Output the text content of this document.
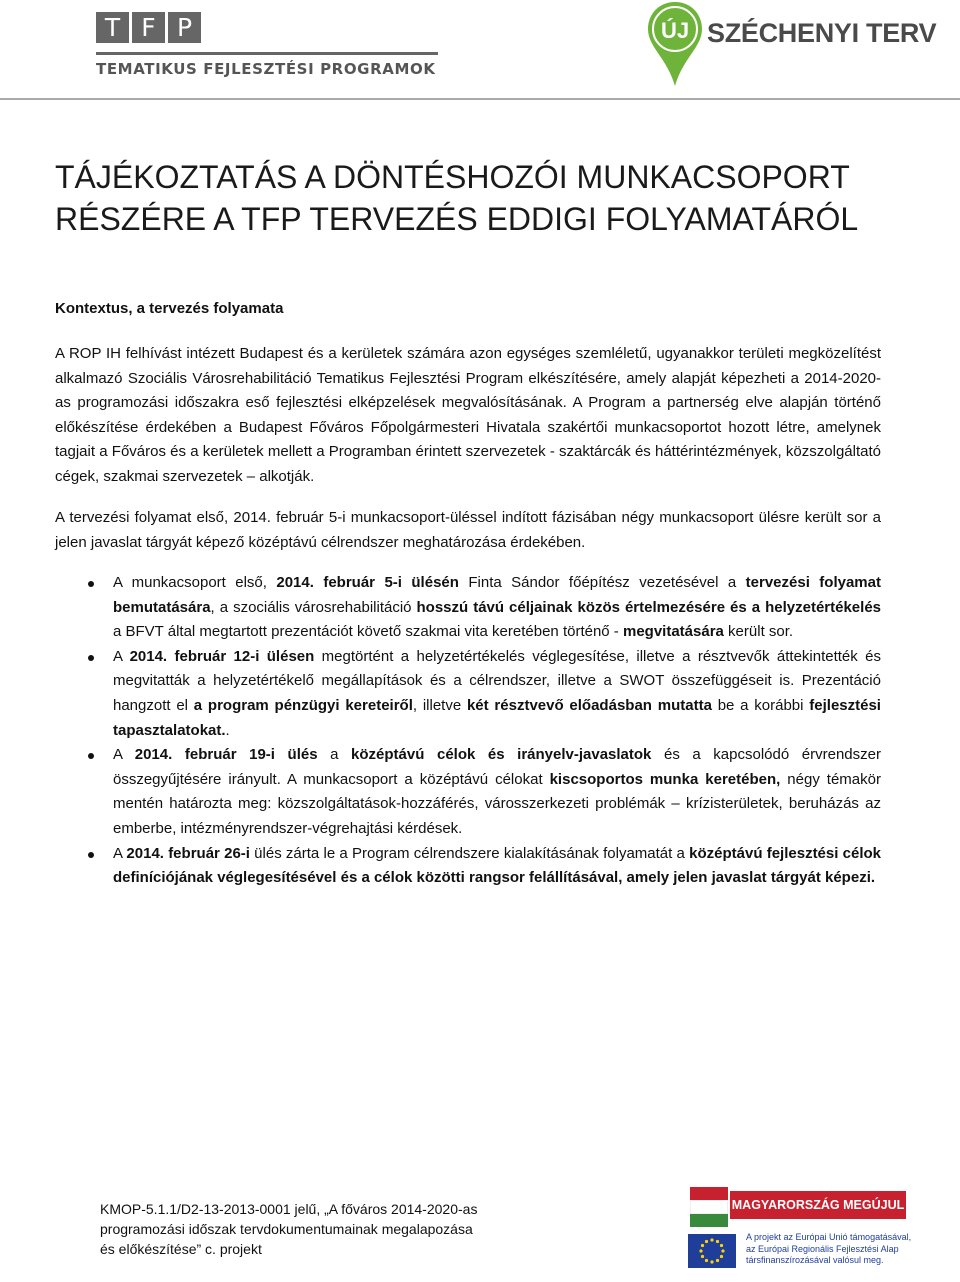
T F P
TEMATIKUS FEJLESZTÉSI PROGRAMOK
ÚJ SZÉCHENYI TERV
TÁJÉKOZTATÁS A DÖNTÉSHOZÓI MUNKACSOPORT
RÉSZÉRE A TFP TERVEZÉS EDDIGI FOLYAMATÁRÓL
Kontextus, a tervezés folyamata

A ROP IH felhívást intézett Budapest és a kerületek számára azon egységes szemléletű, ugyanakkor területi megközelítést alkalmazó Szociális Városrehabilitáció Tematikus Fejlesztési Program elkészítésére, amely alapját képezheti a 2014-2020-as programozási időszakra eső fejlesztési elképzelések megvalósításának. A Program a partnerség elve alapján történő előkészítése érdekében a Budapest Főváros Főpolgármesteri Hivatala szakértői munkacsoportot hozott létre, amelynek tagjait a Főváros és a kerületek mellett a Programban érintett szervezetek - szaktárcák és háttérintézmények, közszolgáltató cégek, szakmai szervezetek – alkotják.

A tervezési folyamat első, 2014. február 5-i munkacsoport-üléssel indított fázisában négy munkacsoport ülésre került sor a jelen javaslat tárgyát képező középtávú célrendszer meghatározása érdekében.

A munkacsoport első, 2014. február 5-i ülésén Finta Sándor főépítész vezetésével a tervezési folyamat bemutatására, a szociális városrehabilitáció hosszú távú céljainak közös értelmezésére és a helyzetértékelés a BFVT által megtartott prezentációt követő szakmai vita keretében történő - megvitatására került sor.
A 2014. február 12-i ülésen megtörtént a helyzetértékelés véglegesítése, illetve a résztvevők áttekintették és megvitatták a helyzetértékelő megállapítások és a célrendszer, illetve a SWOT összefüggéseit is. Prezentáció hangzott el a program pénzügyi kereteiről, illetve két résztvevő előadásban mutatta be a korábbi fejlesztési tapasztalatokat..
A 2014. február 19-i ülés a középtávú célok és irányelv-javaslatok és a kapcsolódó érvrendszer összegyűjtésére irányult. A munkacsoport a középtávú célokat kiscsoportos munka keretében, négy témakör mentén határozta meg: közszolgáltatások-hozzáférés, városszerkezeti problémák – krízisterületek, beruházás az emberbe, intézményrendszer-végrehajtási kérdések.
A 2014. február 26-i ülés zárta le a Program célrendszere kialakításának folyamatát a középtávú fejlesztési célok definíciójának véglegesítésével és a célok közötti rangsor felállításával, amely jelen javaslat tárgyát képezi.

KMOP-5.1.1/D2-13-2013-0001 jelű, „A főváros 2014-2020-as
programozási időszak tervdokumentumainak megalapozása
és előkészítése” c. projekt

MAGYARORSZÁG MEGÚJUL

A projekt az Európai Unió támogatásával,
az Európai Regionális Fejlesztési Alap
társfinanszírozásával valósul meg.
